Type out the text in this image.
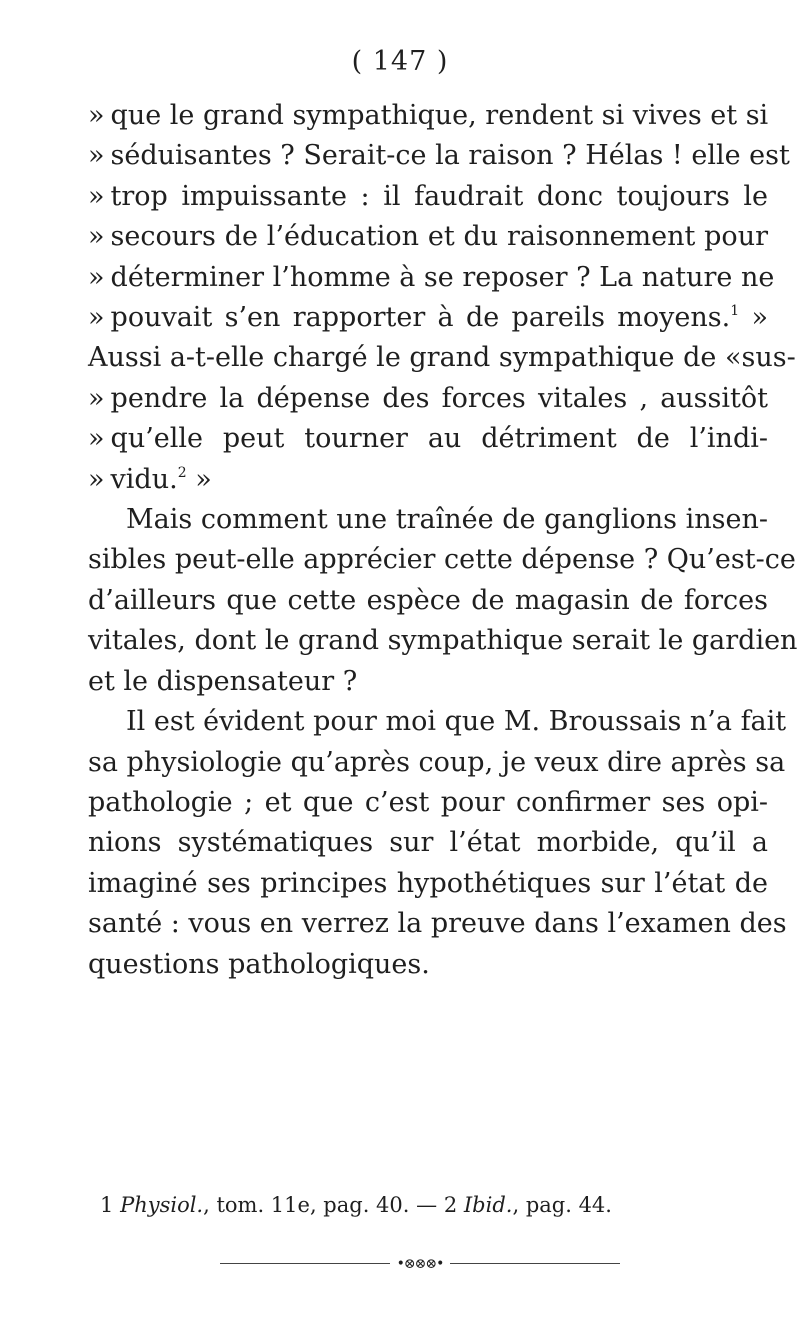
( 147 )
» que le grand sympathique, rendent si vives et si
» séduisantes ? Serait-ce la raison ? Hélas ! elle est
» trop impuissante : il faudrait donc toujours le
» secours de l’éducation et du raisonnement pour
» déterminer l’homme à se reposer ? La nature ne
» pouvait s’en rapporter à de pareils moyens.$^1$ »
Aussi a-t-elle chargé le grand sympathique de «sus-
» pendre la dépense des forces vitales , aussitôt
» qu’elle peut tourner au détriment de l’indi-
» vidu.$^2$ »
Mais comment une traînée de ganglions insen-
sibles peut-elle apprécier cette dépense ? Qu’est-ce
d’ailleurs que cette espèce de magasin de forces
vitales, dont le grand sympathique serait le gardien
et le dispensateur ?
Il est évident pour moi que M. Broussais n’a fait
sa physiologie qu’après coup, je veux dire après sa
pathologie ; et que c’est pour confirmer ses opi-
nions systématiques sur l’état morbide, qu’il a
imaginé ses principes hypothétiques sur l’état de
santé : vous en verrez la preuve dans l’examen des
questions pathologiques.
1 Physiol., tom. 11e, pag. 40. — 2 Ibid., pag. 44.
•⊗⊗⊗•
